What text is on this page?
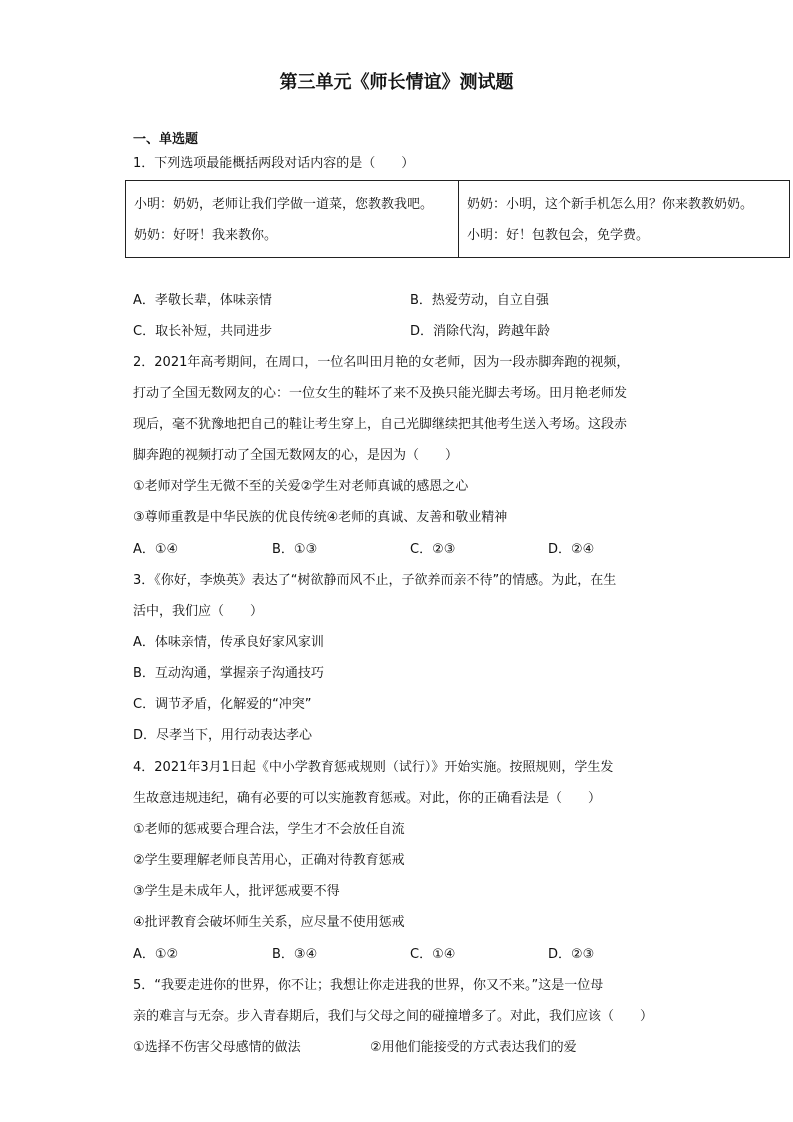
第三单元《师长情谊》测试题
一、单选题
1．下列选项最能概括两段对话内容的是（　　）
小明：奶奶，老师让我们学做一道菜，您教教我吧。
奶奶：好呀！我来教你。

奶奶：小明，这个新手机怎么用？你来教教奶奶。
小明：好！包教包会，免学费。
A．孝敬长辈，体味亲情	B．热爱劳动，自立自强
C．取长补短，共同进步	D．消除代沟，跨越年龄
2．2021年高考期间，在周口，一位名叫田月艳的女老师，因为一段赤脚奔跑的视频，
打动了全国无数网友的心：一位女生的鞋坏了来不及换只能光脚去考场。田月艳老师发
现后，毫不犹豫地把自己的鞋让考生穿上，自己光脚继续把其他考生送入考场。这段赤
脚奔跑的视频打动了全国无数网友的心，是因为（　　）
①老师对学生无微不至的关爱②学生对老师真诚的感恩之心
③尊师重教是中华民族的优良传统④老师的真诚、友善和敬业精神
A．①④	B．①③	C．②③	D．②④
3．《你好，李焕英》表达了“树欲静而风不止，子欲养而亲不待”的情感。为此，在生
活中，我们应（　　）
A．体味亲情，传承良好家风家训
B．互动沟通，掌握亲子沟通技巧
C．调节矛盾，化解爱的“冲突”
D．尽孝当下，用行动表达孝心
4．2021年3月1日起《中小学教育惩戒规则（试行）》开始实施。按照规则，学生发
生故意违规违纪，确有必要的可以实施教育惩戒。对此，你的正确看法是（　　）
①老师的惩戒要合理合法，学生才不会放任自流
②学生要理解老师良苦用心，正确对待教育惩戒
③学生是未成年人，批评惩戒要不得
④批评教育会破坏师生关系，应尽量不使用惩戒
A．①②	B．③④	C．①④	D．②③
5．“我要走进你的世界，你不让；我想让你走进我的世界，你又不来。”这是一位母
亲的难言与无奈。步入青春期后，我们与父母之间的碰撞增多了。对此，我们应该（　　）
①选择不伤害父母感情的做法	②用他们能接受的方式表达我们的爱
